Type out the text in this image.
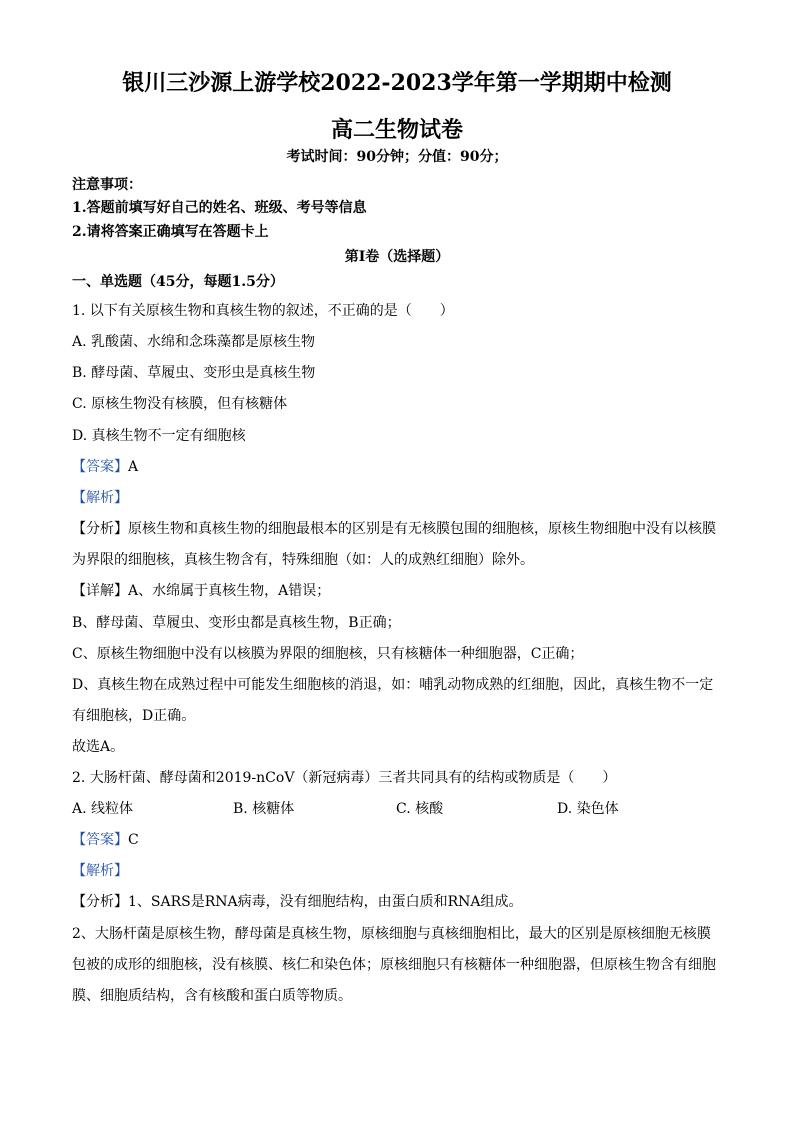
银川三沙源上游学校2022-2023学年第一学期期中检测
高二生物试卷
考试时间：90分钟；分值：90分；
注意事项：
1.答题前填写好自己的姓名、班级、考号等信息
2.请将答案正确填写在答题卡上
第Ⅰ卷（选择题）
一、单选题（45分，每题1.5分）
1. 以下有关原核生物和真核生物的叙述，不正确的是（　　）
A. 乳酸菌、水绵和念珠藻都是原核生物
B. 酵母菌、草履虫、变形虫是真核生物
C. 原核生物没有核膜，但有核糖体
D. 真核生物不一定有细胞核
【答案】A
【解析】
【分析】原核生物和真核生物的细胞最根本的区别是有无核膜包围的细胞核，原核生物细胞中没有以核膜
为界限的细胞核，真核生物含有，特殊细胞（如：人的成熟红细胞）除外。
【详解】A、水绵属于真核生物，A错误；
B、酵母菌、草履虫、变形虫都是真核生物，B正确；
C、原核生物细胞中没有以核膜为界限的细胞核，只有核糖体一种细胞器，C正确；
D、真核生物在成熟过程中可能发生细胞核的消退，如：哺乳动物成熟的红细胞，因此，真核生物不一定
有细胞核，D正确。
故选A。
2. 大肠杆菌、酵母菌和2019-nCoV（新冠病毒）三者共同具有的结构或物质是（　　）
A. 线粒体	B. 核糖体	C. 核酸	D. 染色体
【答案】C
【解析】
【分析】1、SARS是RNA病毒，没有细胞结构，由蛋白质和RNA组成。
2、大肠杆菌是原核生物，酵母菌是真核生物，原核细胞与真核细胞相比，最大的区别是原核细胞无核膜
包被的成形的细胞核，没有核膜、核仁和染色体；原核细胞只有核糖体一种细胞器，但原核生物含有细胞
膜、细胞质结构，含有核酸和蛋白质等物质。
